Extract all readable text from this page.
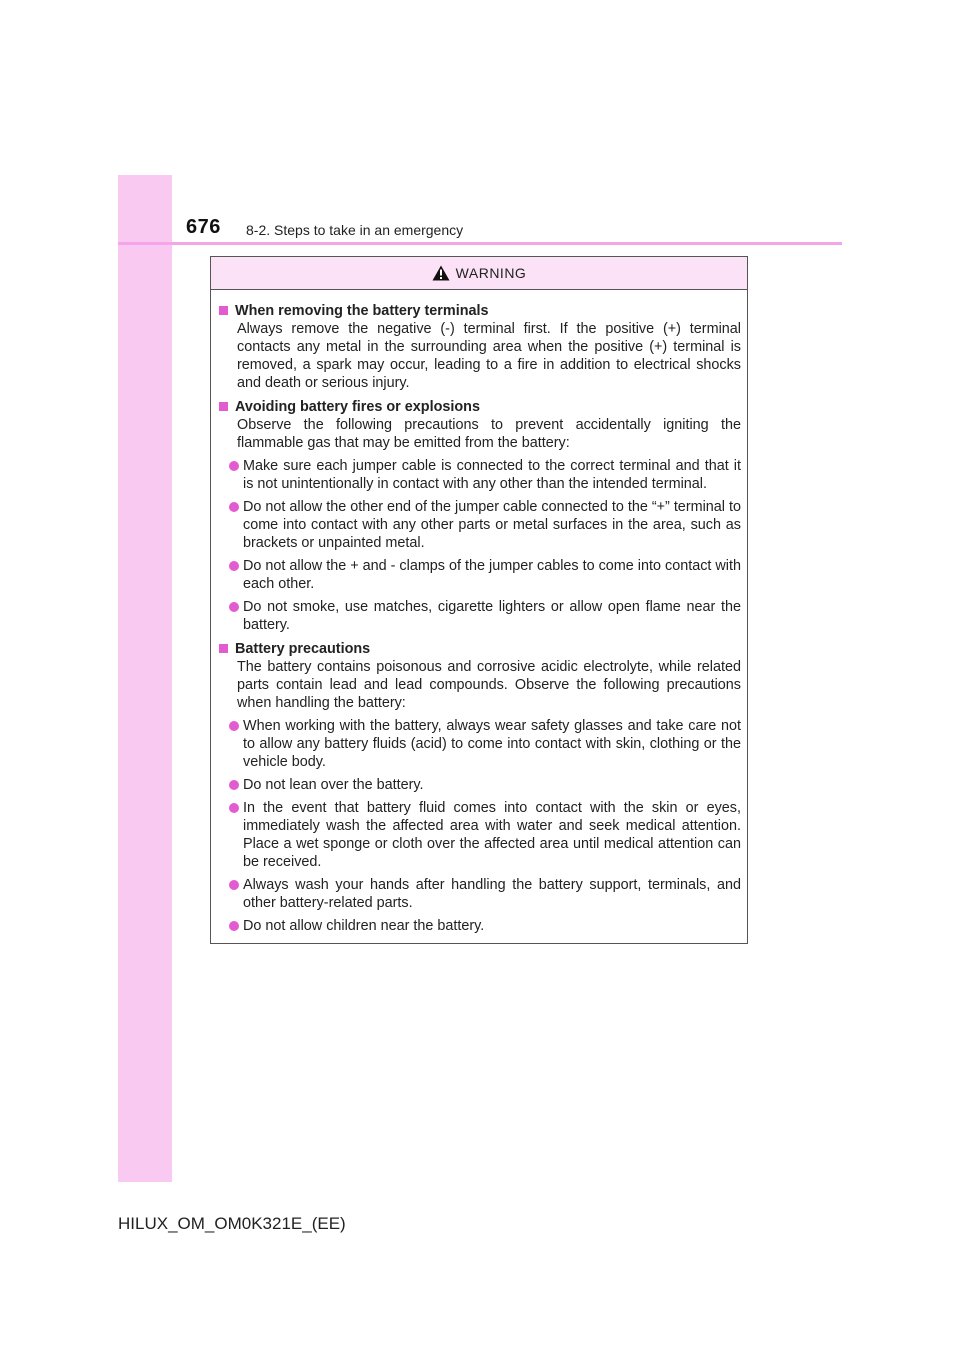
676 8-2. Steps to take in an emergency
WARNING
When removing the battery terminals
Always remove the negative (-) terminal first. If the positive (+) terminal contacts any metal in the surrounding area when the positive (+) terminal is removed, a spark may occur, leading to a fire in addition to electrical shocks and death or serious injury.
Avoiding battery fires or explosions
Observe the following precautions to prevent accidentally igniting the flammable gas that may be emitted from the battery:
Make sure each jumper cable is connected to the correct terminal and that it is not unintentionally in contact with any other than the intended terminal.
Do not allow the other end of the jumper cable connected to the “+” terminal to come into contact with any other parts or metal surfaces in the area, such as brackets or unpainted metal.
Do not allow the + and - clamps of the jumper cables to come into contact with each other.
Do not smoke, use matches, cigarette lighters or allow open flame near the battery.
Battery precautions
The battery contains poisonous and corrosive acidic electrolyte, while related parts contain lead and lead compounds. Observe the following precautions when handling the battery:
When working with the battery, always wear safety glasses and take care not to allow any battery fluids (acid) to come into contact with skin, clothing or the vehicle body.
Do not lean over the battery.
In the event that battery fluid comes into contact with the skin or eyes, immediately wash the affected area with water and seek medical attention. Place a wet sponge or cloth over the affected area until medical attention can be received.
Always wash your hands after handling the battery support, terminals, and other battery-related parts.
Do not allow children near the battery.
HILUX_OM_OM0K321E_(EE)
